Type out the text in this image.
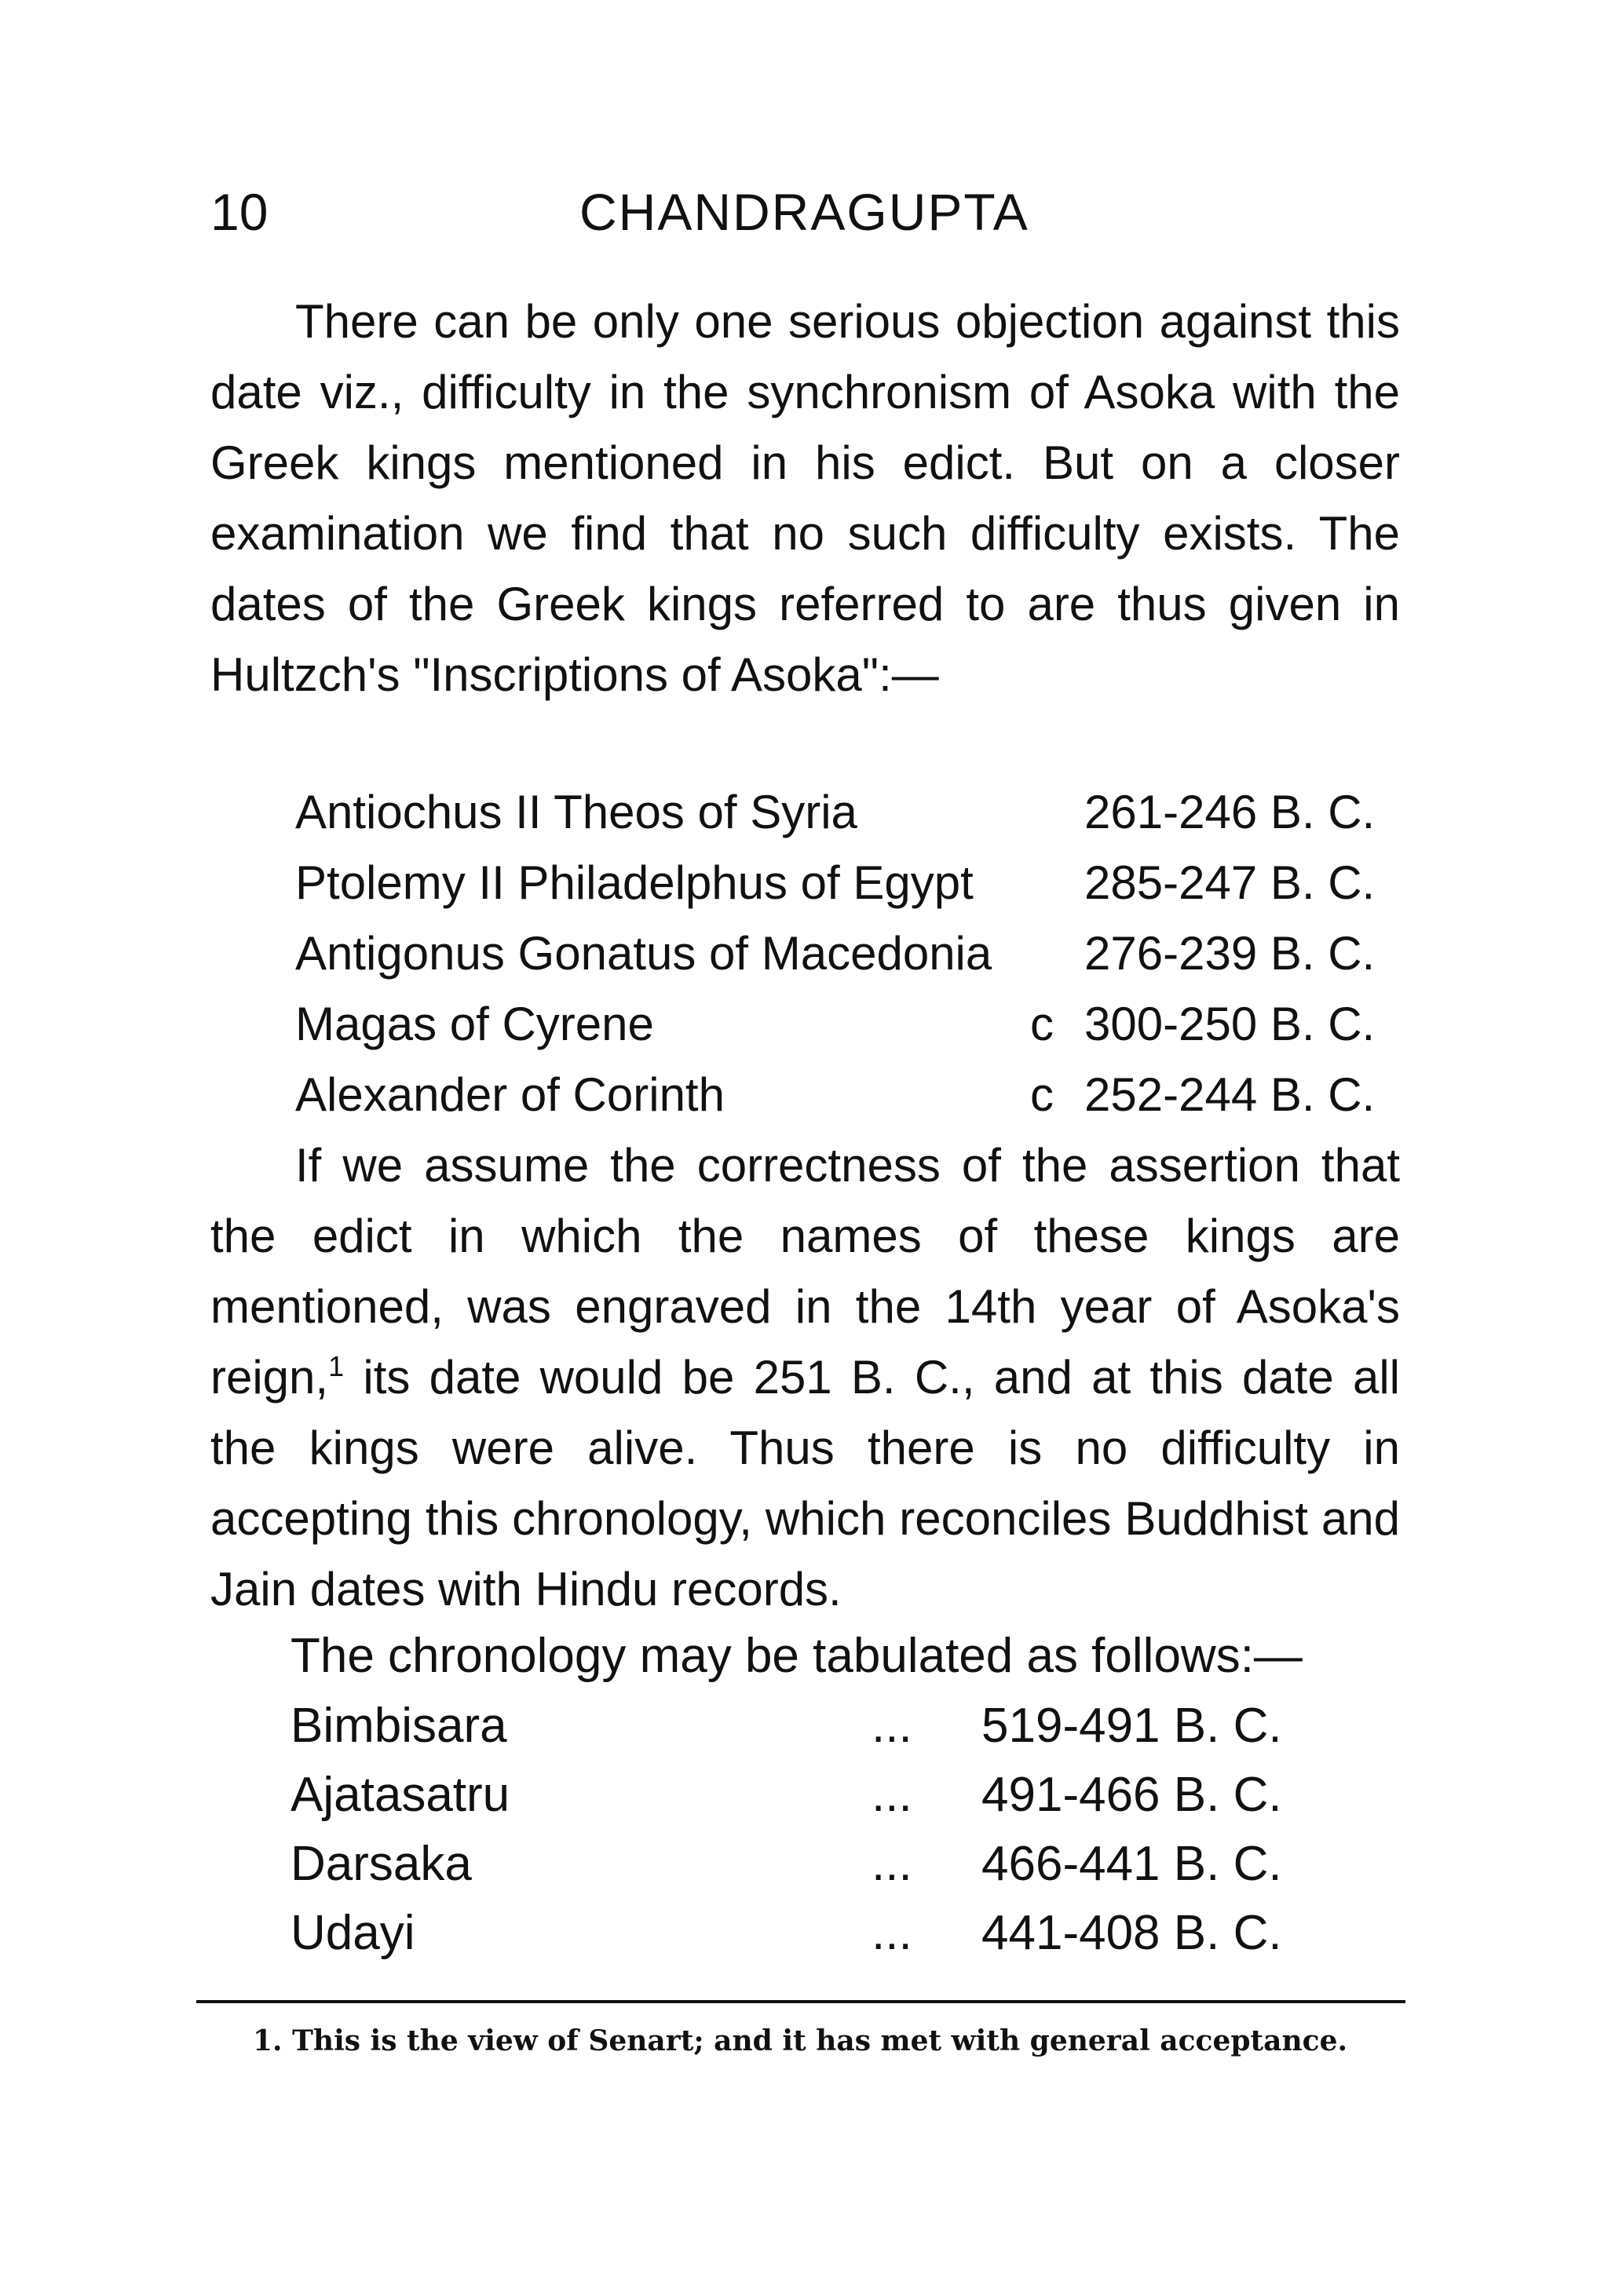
10	CHANDRAGUPTA

There can be only one serious objection against this date viz., difficulty in the synchronism of Asoka with the Greek kings mentioned in his edict. But on a closer examination we find that no such difficulty exists. The dates of the Greek kings referred to are thus given in Hultzch's "Inscriptions of Asoka":—

Antiochus II Theos of Syria	261-246 B. C.
Ptolemy II Philadelphus of Egypt 285-247 B. C.
Antigonus Gonatus of Macedonia 276-239 B. C.
Magas of Cyrene	c 300-250 B. C.
Alexander of Corinth	c 252-244 B. C.

If we assume the correctness of the assertion that the edict in which the names of these kings are mentioned, was engraved in the 14th year of Asoka's reign,$^1$ its date would be 251 B. C., and at this date all the kings were alive. Thus there is no difficulty in accepting this chronology, which reconciles Buddhist and Jain dates with Hindu records.

The chronology may be tabulated as follows:—
Bimbisara	... 519-491 B. C.
Ajatasatru	... 491-466 B. C.
Darsaka	... 466-441 B. C.
Udayi	... 441-408 B. C.

1. This is the view of Senart; and it has met with general acceptance.
